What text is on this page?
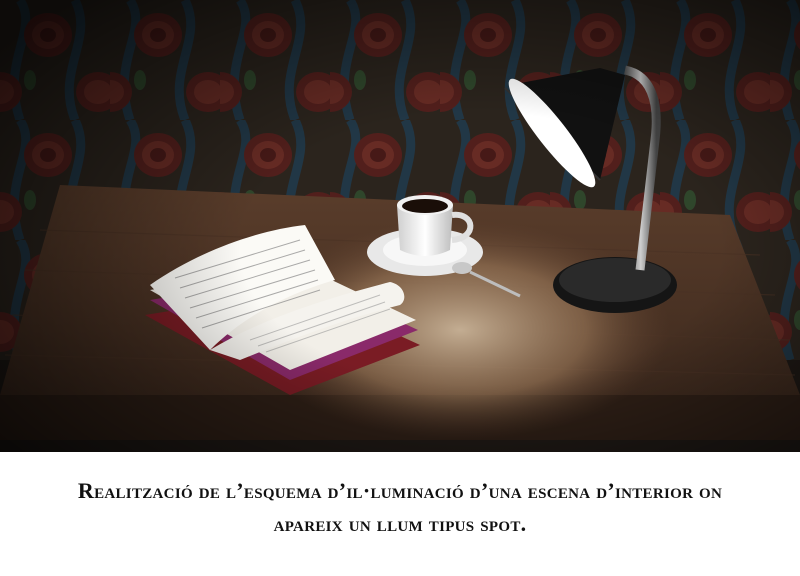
Realització de l’esquema d’il·luminació d’una escena d’interior on
apareix un llum tipus spot.
